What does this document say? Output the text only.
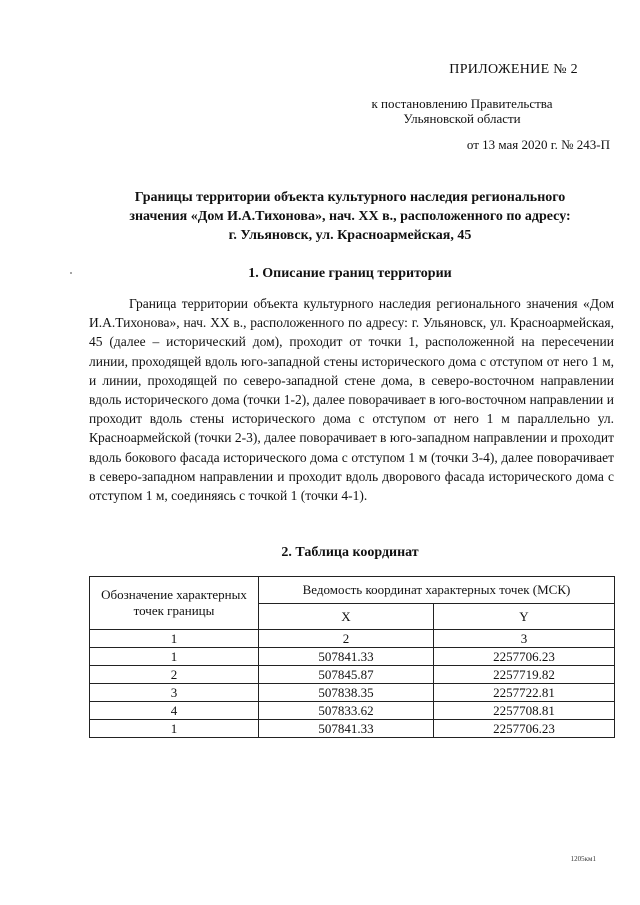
ПРИЛОЖЕНИЕ № 2
к постановлению Правительства
Ульяновской области
от 13 мая 2020 г. № 243-П
Границы территории объекта культурного наследия регионального
значения «Дом И.А.Тихонова», нач. XX в., расположенного по адресу:
г. Ульяновск, ул. Красноармейская, 45
1. Описание границ территории
Граница территории объекта культурного наследия регионального значения «Дом И.А.Тихонова», нач. XX в., расположенного по адресу: г. Ульяновск, ул. Красноармейская, 45 (далее – исторический дом), проходит от точки 1, расположенной на пересечении линии, проходящей вдоль юго-западной стены исторического дома с отступом от него 1 м, и линии, проходящей по северо-западной стене дома, в северо-восточном направлении вдоль исторического дома (точки 1-2), далее поворачивает в юго-восточном направлении и проходит вдоль стены исторического дома с отступом от него 1 м параллельно ул. Красноармейской (точки 2-3), далее поворачивает в юго-западном направлении и проходит вдоль бокового фасада исторического дома с отступом 1 м (точки 3-4), далее поворачивает в северо-западном направлении и проходит вдоль дворового фасада исторического дома с отступом 1 м, соединяясь с точкой 1 (точки 4-1).
2. Таблица координат
Обозначение характерных точек границы	Ведомость координат характерных точек (МСК)	
	X	Y
1	2	3
1	507841.33	2257706.23
2	507845.87	2257719.82
3	507838.35	2257722.81
4	507833.62	2257708.81
1	507841.33	2257706.23
1205км1
